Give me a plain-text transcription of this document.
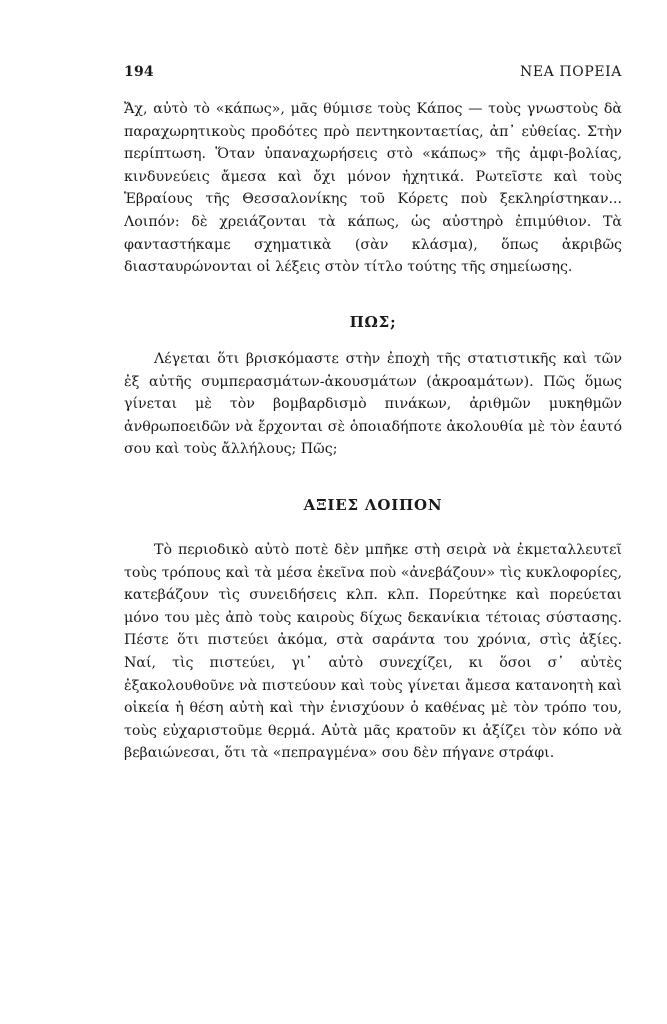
194	ΝΕΑ ΠΟΡΕΙΑ

Ἄχ, αὐτὸ τὸ «κάπως», μᾶς θύμισε τοὺς Κάπος — τοὺς γνωστοὺς δὰ παραχωρητικοὺς προδότες πρὸ πεντηκονταετίας, ἀπ᾽ εὐθείας. Στὴν περίπτωση. Ὅταν ὑπαναχωρήσεις στὸ «κάπως» τῆς ἀμφι-βολίας, κινδυνεύεις ἄμεσα καὶ ὄχι μόνον ἠχητικά. Ρωτεῖστε καὶ τοὺς Ἑβραίους τῆς Θεσσαλονίκης τοῦ Κόρετς ποὺ ξεκληρίστηκαν... Λοιπόν: δὲ χρειάζονται τὰ κάπως, ὡς αὐστηρὸ ἐπιμύθιον. Τὰ φανταστήκαμε σχηματικὰ (σὰν κλάσμα), ὅπως ἀκριβῶς διασταυρώνονται οἱ λέξεις στὸν τίτλο τούτης τῆς σημείωσης.

ΠΩΣ;

Λέγεται ὅτι βρισκόμαστε στὴν ἐποχὴ τῆς στατιστικῆς καὶ τῶν ἐξ αὐτῆς συμπερασμάτων-ἀκουσμάτων (ἀκροαμάτων). Πῶς ὅμως γίνεται μὲ τὸν βομβαρδισμὸ πινάκων, ἀριθμῶν μυκηθμῶν ἀνθρωποειδῶν νὰ ἔρχονται σὲ ὁποιαδήποτε ἀκολουθία μὲ τὸν ἑαυτό σου καὶ τοὺς ἄλλήλους; Πῶς;

ΑΞΙΕΣ ΛΟΙΠΟΝ

Τὸ περιοδικὸ αὐτὸ ποτὲ δὲν μπῆκε στὴ σειρὰ νὰ ἐκμεταλλευτεῖ τοὺς τρόπους καὶ τὰ μέσα ἐκεῖνα ποὺ «ἀνεβάζουν» τὶς κυκλοφορίες, κατεβάζουν τὶς συνειδήσεις κλπ. κλπ. Πορεύτηκε καὶ πορεύεται μόνο του μὲς ἀπὸ τοὺς καιροὺς δίχως δεκανίκια τέτοιας σύστασης. Πέστε ὅτι πιστεύει ἀκόμα, στὰ σαράντα του χρόνια, στὶς ἀξίες. Ναί, τὶς πιστεύει, γι᾽ αὐτὸ συνεχίζει, κι ὅσοι σ᾽ αὐτὲς ἐξακολουθοῦνε νὰ πιστεύουν καὶ τοὺς γίνεται ἄμεσα κατανοητὴ καὶ οἰκεία ἡ θέση αὐτὴ καὶ τὴν ἐνισχύουν ὁ καθένας μὲ τὸν τρόπο του, τοὺς εὐχαριστοῦμε θερμά. Αὐτὰ μᾶς κρατοῦν κι ἀξίζει τὸν κόπο νὰ βεβαιώνεσαι, ὅτι τὰ «πεπραγμένα» σου δὲν πήγανε στράφι.
